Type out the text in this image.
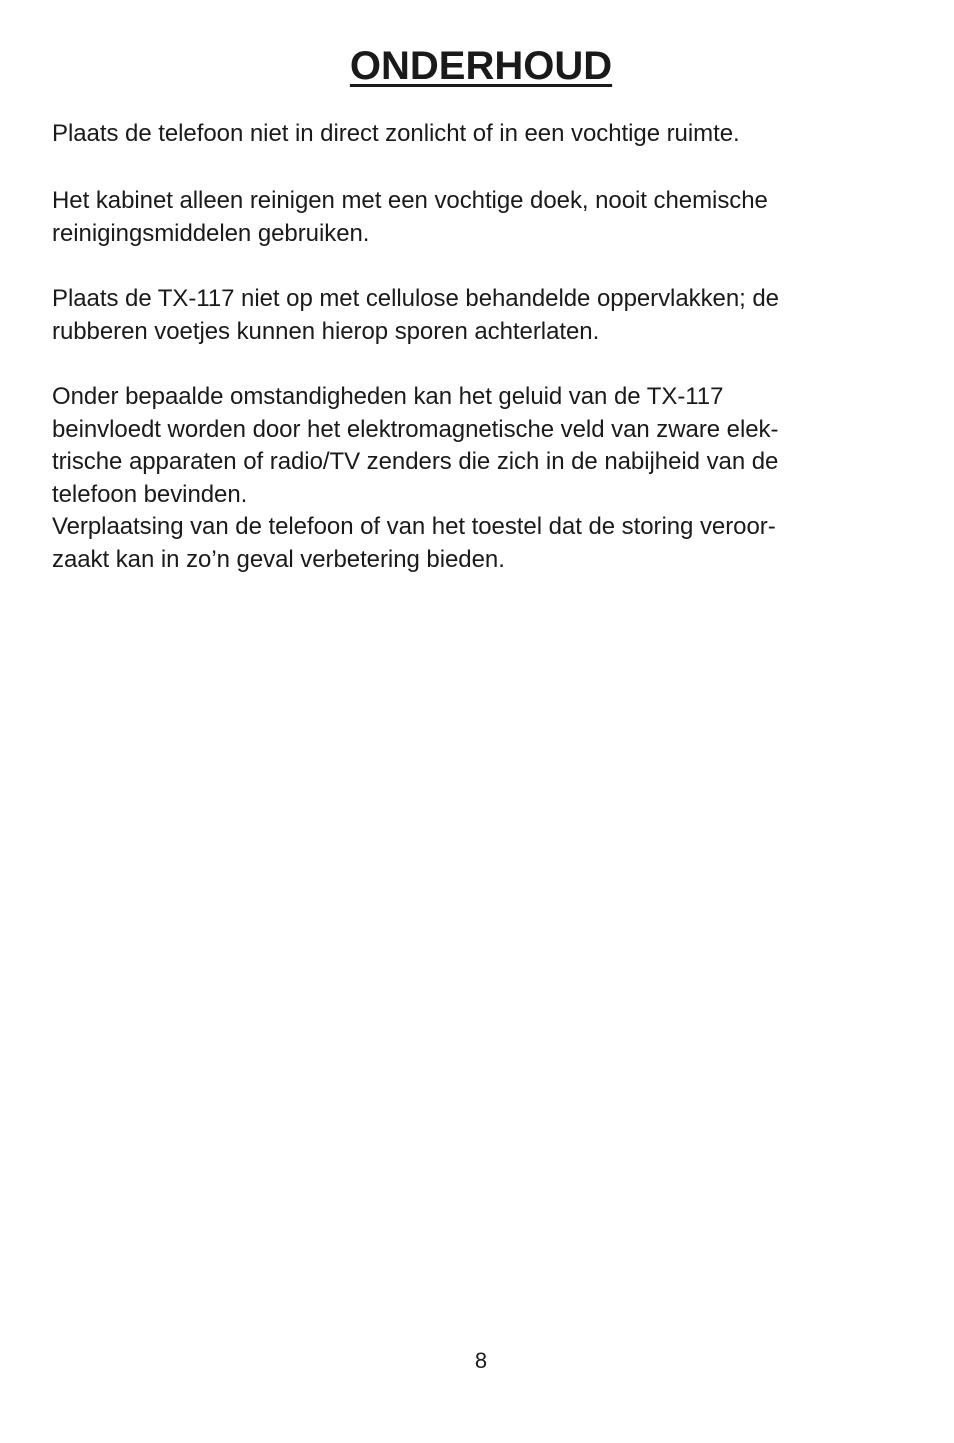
ONDERHOUD

Plaats de telefoon niet in direct zonlicht of in een vochtige ruimte.

Het kabinet alleen reinigen met een vochtige doek, nooit chemische
reinigingsmiddelen gebruiken.

Plaats de TX-117 niet op met cellulose behandelde oppervlakken; de
rubberen voetjes kunnen hierop sporen achterlaten.

Onder bepaalde omstandigheden kan het geluid van de TX-117
beinvloedt worden door het elektromagnetische veld van zware elek-
trische apparaten of radio/TV zenders die zich in de nabijheid van de
telefoon bevinden.

Verplaatsing van de telefoon of van het toestel dat de storing veroor-
zaakt kan in zo’n geval verbetering bieden.

8
